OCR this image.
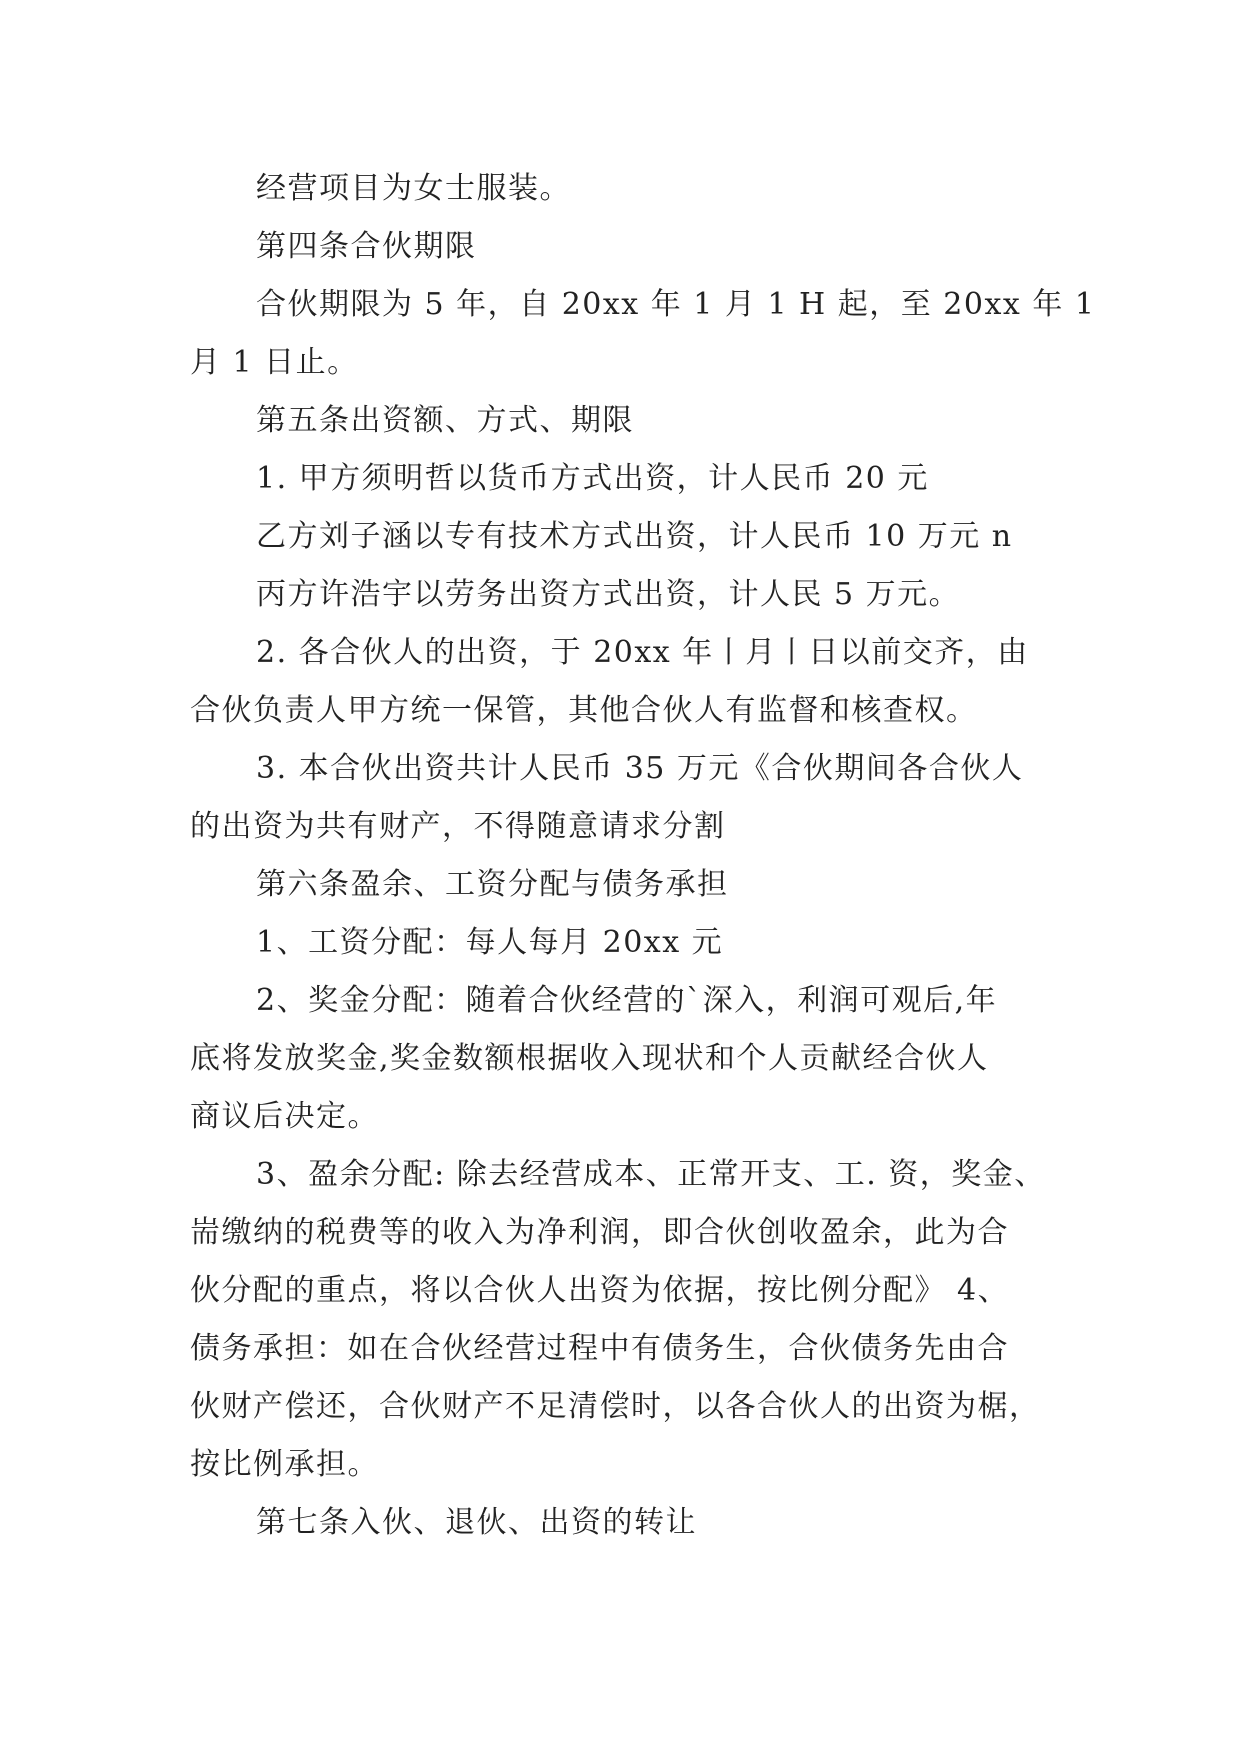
经营项目为女士服装。
第四条合伙期限
合伙期限为 5 年，自 20xx 年 1 月 1 H 起，至 20xx 年 1
月 1 日止。
第五条出资额、方式、期限
1. 甲方须明哲以货币方式出资，计人民币 20 元
乙方刘子涵以专有技术方式出资，计人民币 10 万元 n
丙方许浩宇以劳务出资方式出资，计人民 5 万元。
2. 各合伙人的出资，于 20xx 年丨月丨日以前交齐，由
合伙负责人甲方统一保管，其他合伙人有监督和核查权。
3. 本合伙出资共计人民币 35 万元《合伙期间各合伙人
的出资为共有财产，不得随意请求分割
第六条盈余、工资分配与债务承担
1、工资分配：每人每月 20xx 元
2、奖金分配：随着合伙经营的`深入，利润可观后,年
底将发放奖金,奖金数额根据收入现状和个人贡献经合伙人
商议后决定。
3、盈余分配: 除去经营成本、正常开支、工. 资，奖金、
耑缴纳的税费等的收入为净利润，即合伙创收盈余，此为合
伙分配的重点，将以合伙人出资为依据，按比例分配》 4、
债务承担：如在合伙经营过程中有债务生，合伙债务先由合
伙财产偿还，合伙财产不足清偿时，以各合伙人的出资为椐，
按比例承担。
第七条入伙、退伙、出资的转让
